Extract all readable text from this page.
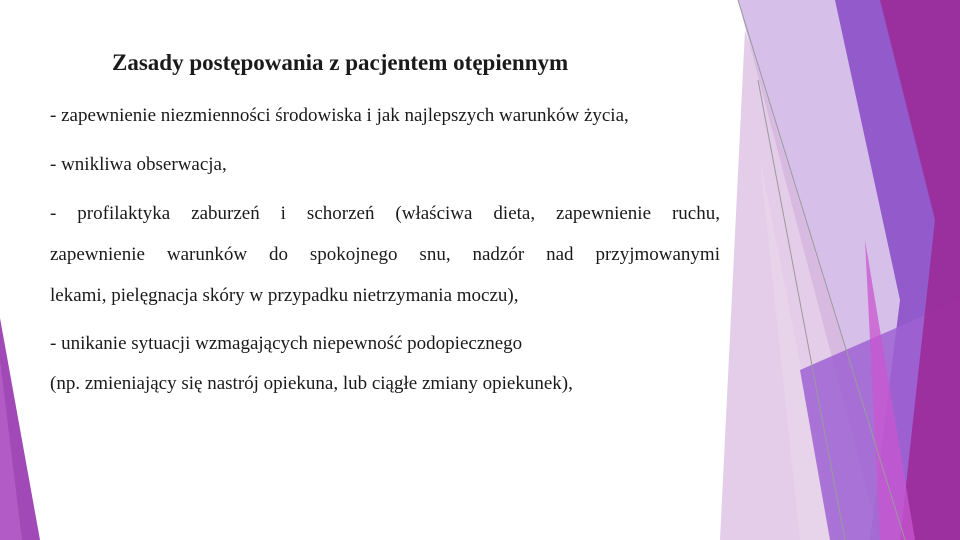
Zasady postępowania z pacjentem otępiennym
- zapewnienie niezmienności środowiska i jak najlepszych warunków życia,
- wnikliwa obserwacja,
- profilaktyka zaburzeń i schorzeń (właściwa dieta, zapewnienie ruchu,
zapewnienie warunków do spokojnego snu, nadzór nad przyjmowanymi
lekami, pielęgnacja skóry w przypadku nietrzymania moczu),
- unikanie sytuacji wzmagających niepewność podopiecznego
(np. zmieniający się nastrój opiekuna, lub ciągłe zmiany opiekunek),
